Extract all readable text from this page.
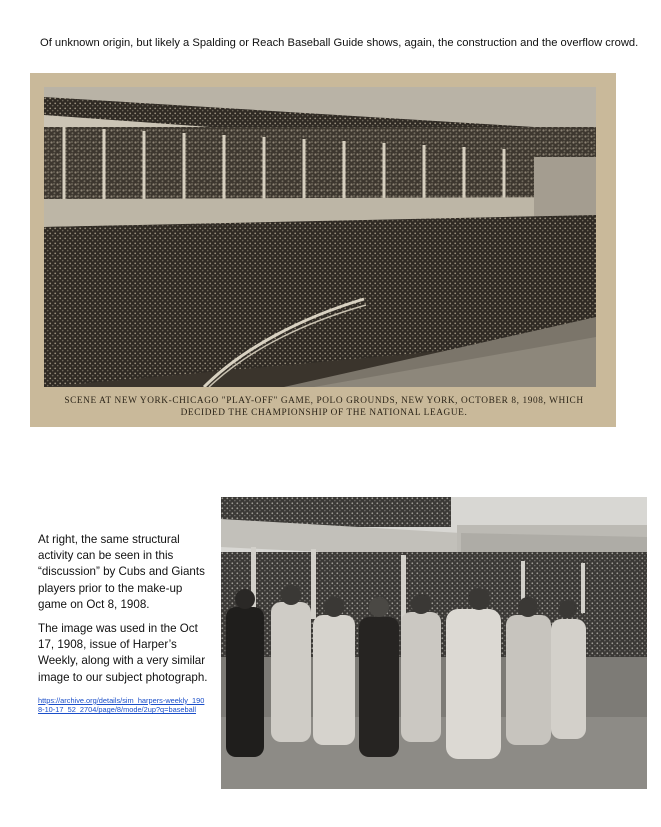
Of unknown origin, but likely a Spalding or Reach Baseball Guide shows, again, the construction and the overflow crowd.
SCENE AT NEW YORK-CHICAGO "PLAY-OFF" GAME, POLO GROUNDS, NEW YORK, OCTOBER 8, 1908, WHICH
DECIDED THE CHAMPIONSHIP OF THE NATIONAL LEAGUE.

At right, the same structural activity can be seen in this “discussion” by Cubs and Giants players prior to the make-up game on Oct 8, 1908.

The image was used in the Oct 17, 1908, issue of Harper’s Weekly, along with a very similar image to our subject photograph.

https://archive.org/details/sim_harpers-weekly_1908-10-17_52_2704/page/8/mode/2up?q=baseball
